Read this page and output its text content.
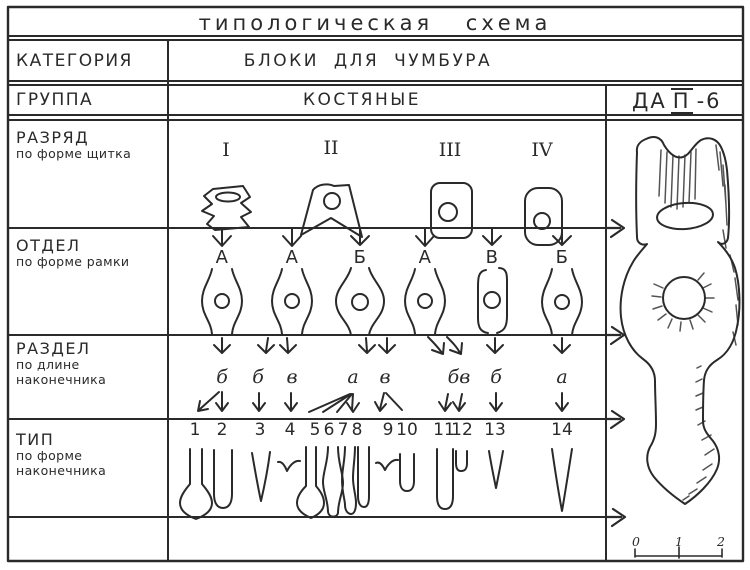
типологическая схема
КАТЕГОРИЯ	БЛОКИ ДЛЯ ЧУМБУРА
ГРУППА	КОСТЯНЫЕ	ДА П -6
РАЗРЯД
по форме щитка
ОТДЕЛ
по форме рамки
РАЗДЕЛ
по длине наконечника
ТИП
по форме наконечника
I	II	III	IV
А	А	Б	А	В	Б
б б в	а в	бв б	а
1 2 3 4 5 6 7 8 9 10 11
12 13	14
0	1	2
